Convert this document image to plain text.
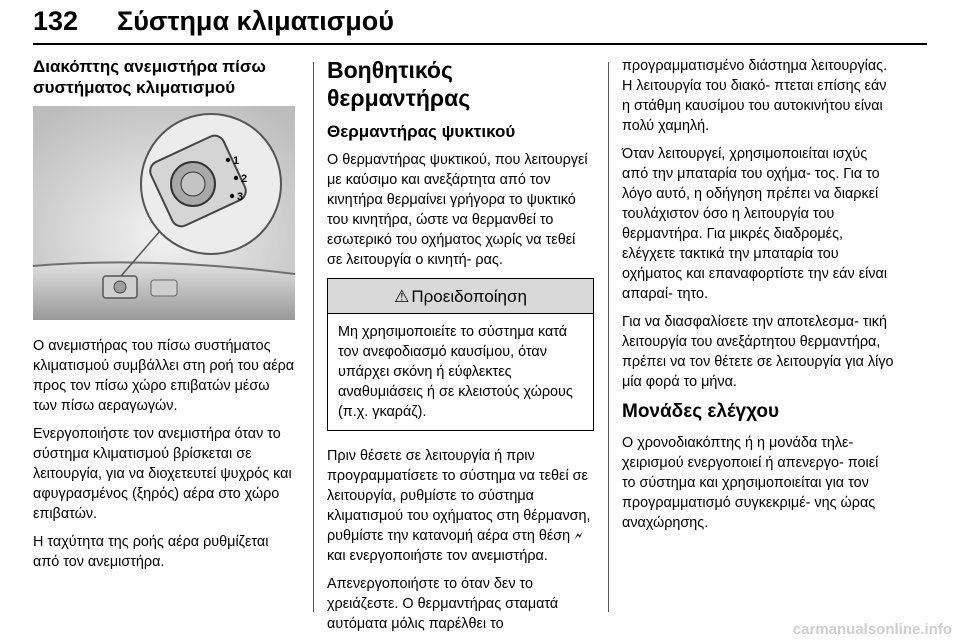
132 Σύστημα κλιματισμού
Διακόπτης ανεμιστήρα πίσω συστήματος κλιματισμού
1
2
3

Ο ανεμιστήρας του πίσω συστήματος κλιματισμού συμβάλλει στη ροή του αέρα προς τον πίσω χώρο επιβατών μέσω των πίσω αεραγωγών.

Ενεργοποιήστε τον ανεμιστήρα όταν το σύστημα κλιματισμού βρίσκεται σε λειτουργία, για να διοχετευτεί ψυχρός και αφυγρασμένος (ξηρός) αέρα στο χώρο επιβατών.

Η ταχύτητα της ροής αέρα ρυθμίζεται από τον ανεμιστήρα.

Βοηθητικός θερμαντήρας
Θερμαντήρας ψυκτικού

Ο θερμαντήρας ψυκτικού, που λειτουργεί με καύσιμο και ανεξάρτητα από τον κινητήρα θερμαίνει γρήγορα το ψυκτικό του κινητήρα, ώστε να θερμανθεί το εσωτερικό του οχήματος χωρίς να τεθεί σε λειτουργία ο κινητή- ρας.

⚠ Προειδοποίηση
Μη χρησιμοποιείτε το σύστημα κατά τον ανεφοδιασμό καυσίμου, όταν υπάρχει σκόνη ή εύφλεκτες αναθυμιάσεις ή σε κλειστούς χώρους (π.χ. γκαράζ).

Πριν θέσετε σε λειτουργία ή πριν προγραμματίσετε το σύστημα να τεθεί σε λειτουργία, ρυθμίστε το σύστημα κλιματισμού του οχήματος στη θέρμανση, ρυθμίστε την κατανομή αέρα στη θέση 🗲 και ενεργοποιήστε τον ανεμιστήρα.

Απενεργοποιήστε το όταν δεν το χρειάζεστε. Ο θερμαντήρας σταματά αυτόματα μόλις παρέλθει το

προγραμματισμένο διάστημα λειτουργίας. Η λειτουργία του διακό- πτεται επίσης εάν η στάθμη καυσίμου του αυτοκινήτου είναι πολύ χαμηλή.

Όταν λειτουργεί, χρησιμοποιείται ισχύς από την μπαταρία του οχήμα- τος. Για το λόγο αυτό, η οδήγηση πρέπει να διαρκεί τουλάχιστον όσο η λειτουργία του θερμαντήρα. Για μικρές διαδρομές, ελέγχετε τακτικά την μπαταρία του οχήματος και επαναφορτίστε την εάν είναι απαραί- τητο.

Για να διασφαλίσετε την αποτελεσμα- τική λειτουργία του ανεξάρτητου θερμαντήρα, πρέπει να τον θέτετε σε λειτουργία για λίγο μία φορά το μήνα.

Μονάδες ελέγχου

Ο χρονοδιακόπτης ή η μονάδα τηλε- χειρισμού ενεργοποιεί ή απενεργο- ποιεί το σύστημα και χρησιμοποιείται για τον προγραμματισμό συγκεκριμέ- νης ώρας αναχώρησης.

carmanualsonline.info
